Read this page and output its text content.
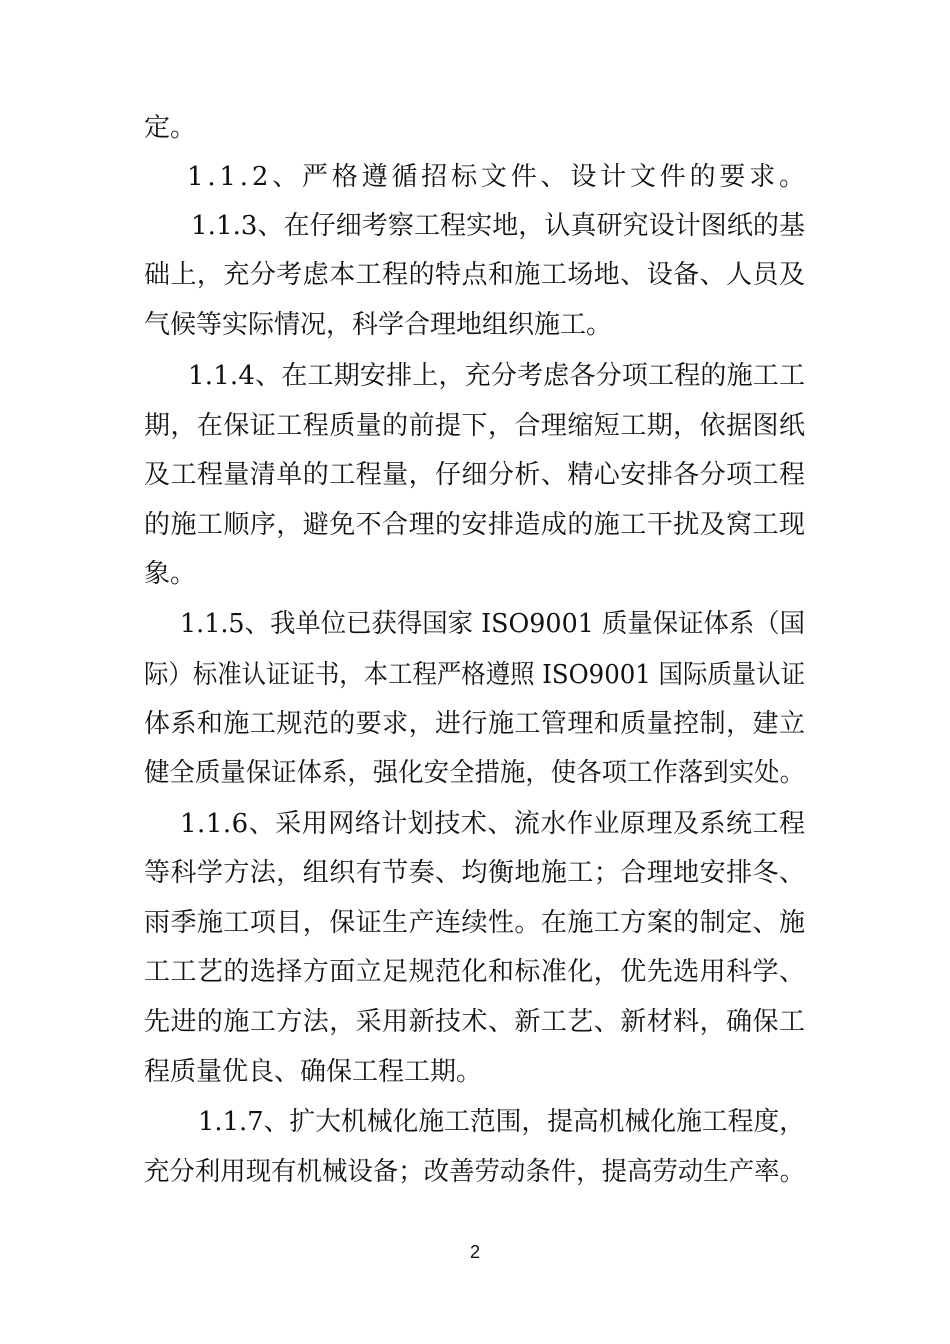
定。
1.1.2、严格遵循招标文件、设计文件的要求。
1.1.3、在仔细考察工程实地，认真研究设计图纸的基
础上，充分考虑本工程的特点和施工场地、设备、人员及
气候等实际情况，科学合理地组织施工。
1.1.4、在工期安排上，充分考虑各分项工程的施工工
期，在保证工程质量的前提下，合理缩短工期，依据图纸
及工程量清单的工程量，仔细分析、精心安排各分项工程
的施工顺序，避免不合理的安排造成的施工干扰及窝工现
象。
1.1.5、我单位已获得国家 ISO9001 质量保证体系（国
际）标准认证证书，本工程严格遵照 ISO9001 国际质量认证
体系和施工规范的要求，进行施工管理和质量控制，建立
健全质量保证体系，强化安全措施，使各项工作落到实处。
1.1.6、采用网络计划技术、流水作业原理及系统工程
等科学方法，组织有节奏、均衡地施工；合理地安排冬、
雨季施工项目，保证生产连续性。在施工方案的制定、施
工工艺的选择方面立足规范化和标准化，优先选用科学、
先进的施工方法，采用新技术、新工艺、新材料，确保工
程质量优良、确保工程工期。
1.1.7、扩大机械化施工范围，提高机械化施工程度，
充分利用现有机械设备；改善劳动条件，提高劳动生产率。
2
